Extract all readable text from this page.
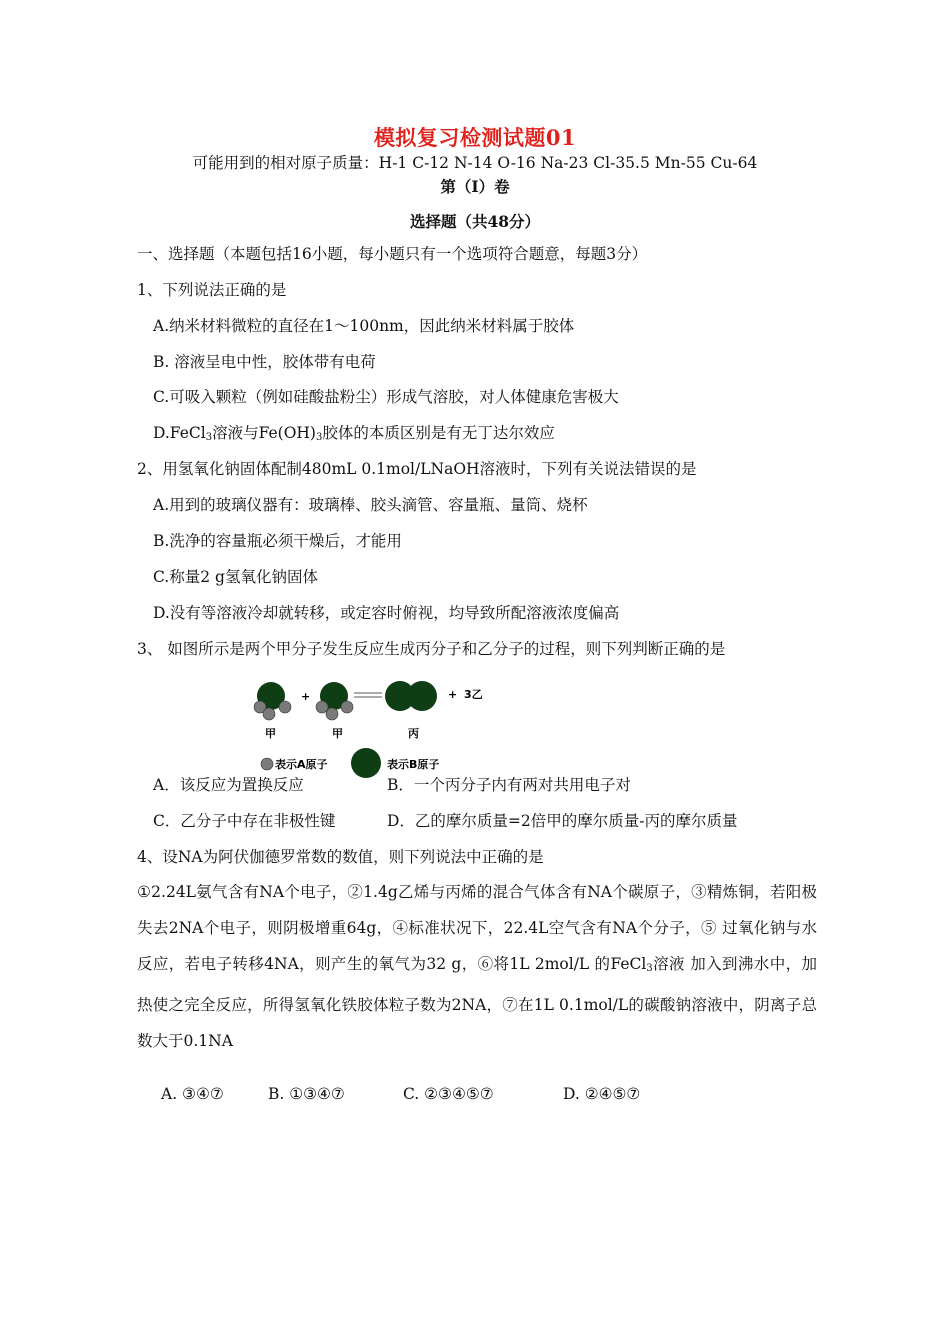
模拟复习检测试题01
可能用到的相对原子质量：H-1 C-12 N-14 O-16 Na-23 Cl-35.5 Mn-55 Cu-64
第（Ⅰ）卷
选择题（共48分）
一、选择题（本题包括16小题，每小题只有一个选项符合题意，每题3分）
1、下列说法正确的是
A.纳米材料微粒的直径在1～100nm，因此纳米材料属于胶体
B. 溶液呈电中性，胶体带有电荷
C.可吸入颗粒（例如硅酸盐粉尘）形成气溶胶，对人体健康危害极大
D.FeCl$_3$溶液与$Fe(OH)_3$胶体的本质区别是有无丁达尔效应
2、用氢氧化钠固体配制480mL 0.1mol/LNaOH溶液时，下列有关说法错误的是
A.用到的玻璃仪器有：玻璃棒、胶头滴管、容量瓶、量筒、烧杯
B.洗净的容量瓶必须干燥后，才能用
C.称量2 g氢氧化钠固体
D.没有等溶液冷却就转移，或定容时俯视，均导致所配溶液浓度偏高
3、 如图所示是两个甲分子发生反应生成丙分子和乙分子的过程，则下列判断正确的是
+	+ 3乙
甲	甲	丙
表示A原子	表示B原子
A．该反应为置换反应	B．一个丙分子内有两对共用电子对
C．乙分子中存在非极性键	D．乙的摩尔质量=2倍甲的摩尔质量-丙的摩尔质量
4、设NA为阿伏伽德罗常数的数值，则下列说法中正确的是
①2.24L氨气含有NA个电子，②1.4g乙烯与丙烯的混合气体含有NA个碳原子，③精炼铜，若阳极失去2NA个电子，则阴极增重64g，④标准状况下，22.4L空气含有NA个分子，⑤ 过氧化钠与水反应，若电子转移4NA，则产生的氧气为32 g，⑥将1L 2mol/L 的FeCl$_3$溶液 加入到沸水中，加热使之完全反应，所得氢氧化铁胶体粒子数为2NA，⑦在1L 0.1mol/L的碳酸钠溶液中，阴离子总数大于0.1NA
A. ③④⑦	B. ①③④⑦	C. ②③④⑤⑦	D. ②④⑤⑦
